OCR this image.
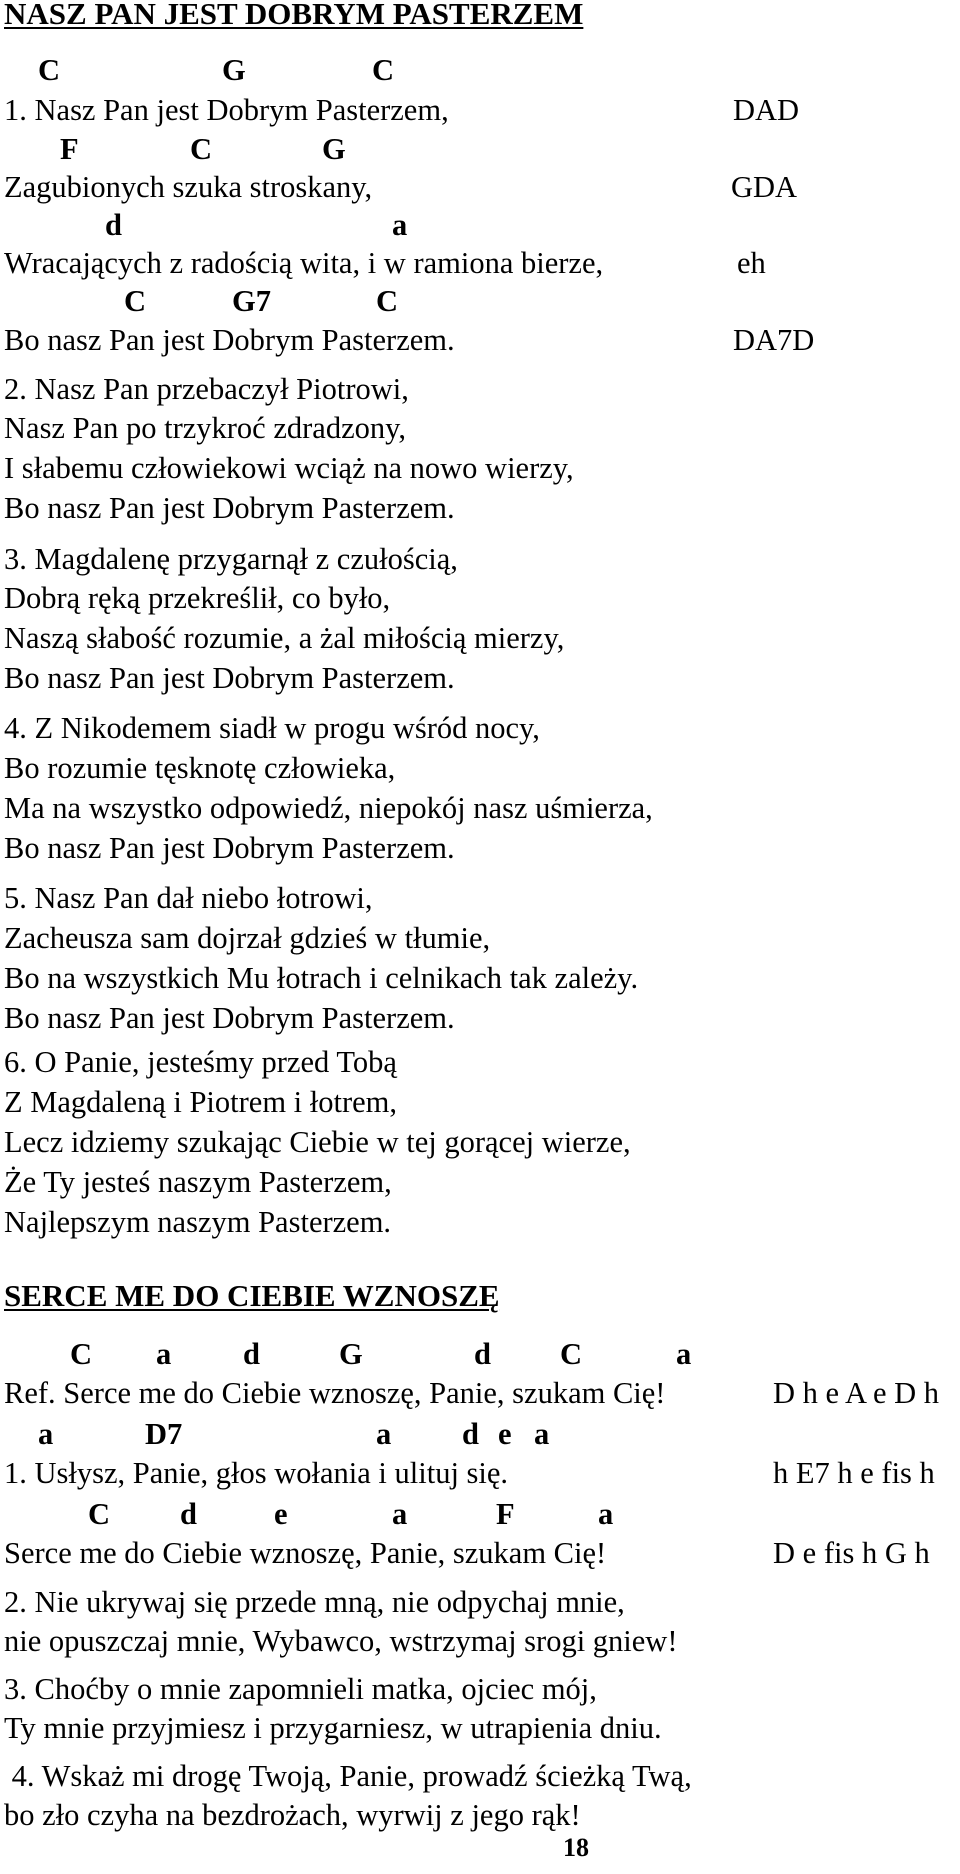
NASZ PAN JEST DOBRYM PASTERZEM
C	G	C
1. Nasz Pan jest Dobrym Pasterzem,	DAD
F	C	G
Zagubionych szuka stroskany,	GDA
d	a
Wracających z radością wita, i w ramiona bierze,	eh
C	G7	C
Bo nasz Pan jest Dobrym Pasterzem.	DA7D
2. Nasz Pan przebaczył Piotrowi,
Nasz Pan po trzykroć zdradzony,
I słabemu człowiekowi wciąż na nowo wierzy,
Bo nasz Pan jest Dobrym Pasterzem.
3. Magdalenę przygarnął z czułością,
Dobrą ręką przekreślił, co było,
Naszą słabość rozumie, a żal miłością mierzy,
Bo nasz Pan jest Dobrym Pasterzem.
4. Z Nikodemem siadł w progu wśród nocy,
Bo rozumie tęsknotę człowieka,
Ma na wszystko odpowiedź, niepokój nasz uśmierza,
Bo nasz Pan jest Dobrym Pasterzem.
5. Nasz Pan dał niebo łotrowi,
Zacheusza sam dojrzał gdzieś w tłumie,
Bo na wszystkich Mu łotrach i celnikach tak zależy.
Bo nasz Pan jest Dobrym Pasterzem.
6. O Panie, jesteśmy przed Tobą
Z Magdaleną i Piotrem i łotrem,
Lecz idziemy szukając Ciebie w tej gorącej wierze,
Że Ty jesteś naszym Pasterzem,
Najlepszym naszym Pasterzem.
SERCE ME DO CIEBIE WZNOSZĘ
C a d	G	d C	a
Ref. Serce me do Ciebie wznoszę, Panie, szukam Cię!	D h e A e D h
a	D7	a d e a
1. Usłysz, Panie, głos wołania i ulituj się.	h E7 h e fis h
C d	e	a	F	a
Serce me do Ciebie wznoszę, Panie, szukam Cię!	D e fis h G h
2. Nie ukrywaj się przede mną, nie odpychaj mnie,
nie opuszczaj mnie, Wybawco, wstrzymaj srogi gniew!
3. Choćby o mnie zapomnieli matka, ojciec mój,
Ty mnie przyjmiesz i przygarniesz, w utrapienia dniu.
4. Wskaż mi drogę Twoją, Panie, prowadź ścieżką Twą,
bo zło czyha na bezdrożach, wyrwij z jego rąk!
18
